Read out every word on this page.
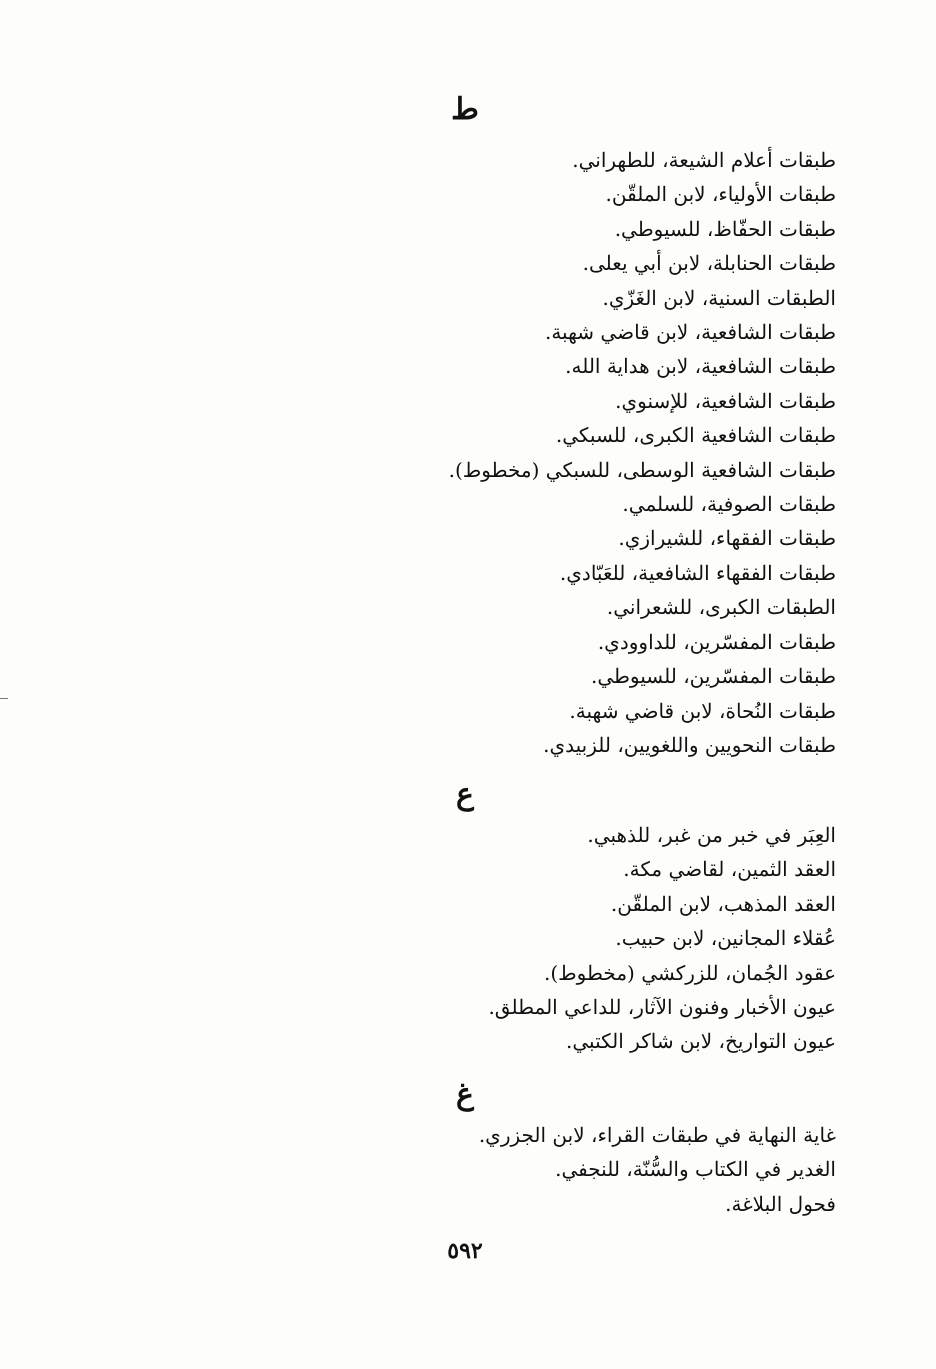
ط
طبقات أعلام الشيعة، للطهراني.
طبقات الأولياء، لابن الملقّن.
طبقات الحفّاظ، للسيوطي.
طبقات الحنابلة، لابن أبي يعلى.
الطبقات السنية، لابن الغَزّي.
طبقات الشافعية، لابن قاضي شهبة.
طبقات الشافعية، لابن هداية الله.
طبقات الشافعية، للإسنوي.
طبقات الشافعية الكبرى، للسبكي.
طبقات الشافعية الوسطى، للسبكي (مخطوط).
طبقات الصوفية، للسلمي.
طبقات الفقهاء، للشيرازي.
طبقات الفقهاء الشافعية، للعَبّادي.
الطبقات الكبرى، للشعراني.
طبقات المفسّرين، للداوودي.
طبقات المفسّرين، للسيوطي.
طبقات النُحاة، لابن قاضي شهبة.
طبقات النحويين واللغويين، للزبيدي.
ع
العِبَر في خبر من غبر، للذهبي.
العقد الثمين، لقاضي مكة.
العقد المذهب، لابن الملقّن.
عُقلاء المجانين، لابن حبيب.
عقود الجُمان، للزركشي (مخطوط).
عيون الأخبار وفنون الآثار، للداعي المطلق.
عيون التواريخ، لابن شاكر الكتبي.
غ
غاية النهاية في طبقات القراء، لابن الجزري.
الغدير في الكتاب والسُّنّة، للنجفي.
فحول البلاغة.
٥٩٢
